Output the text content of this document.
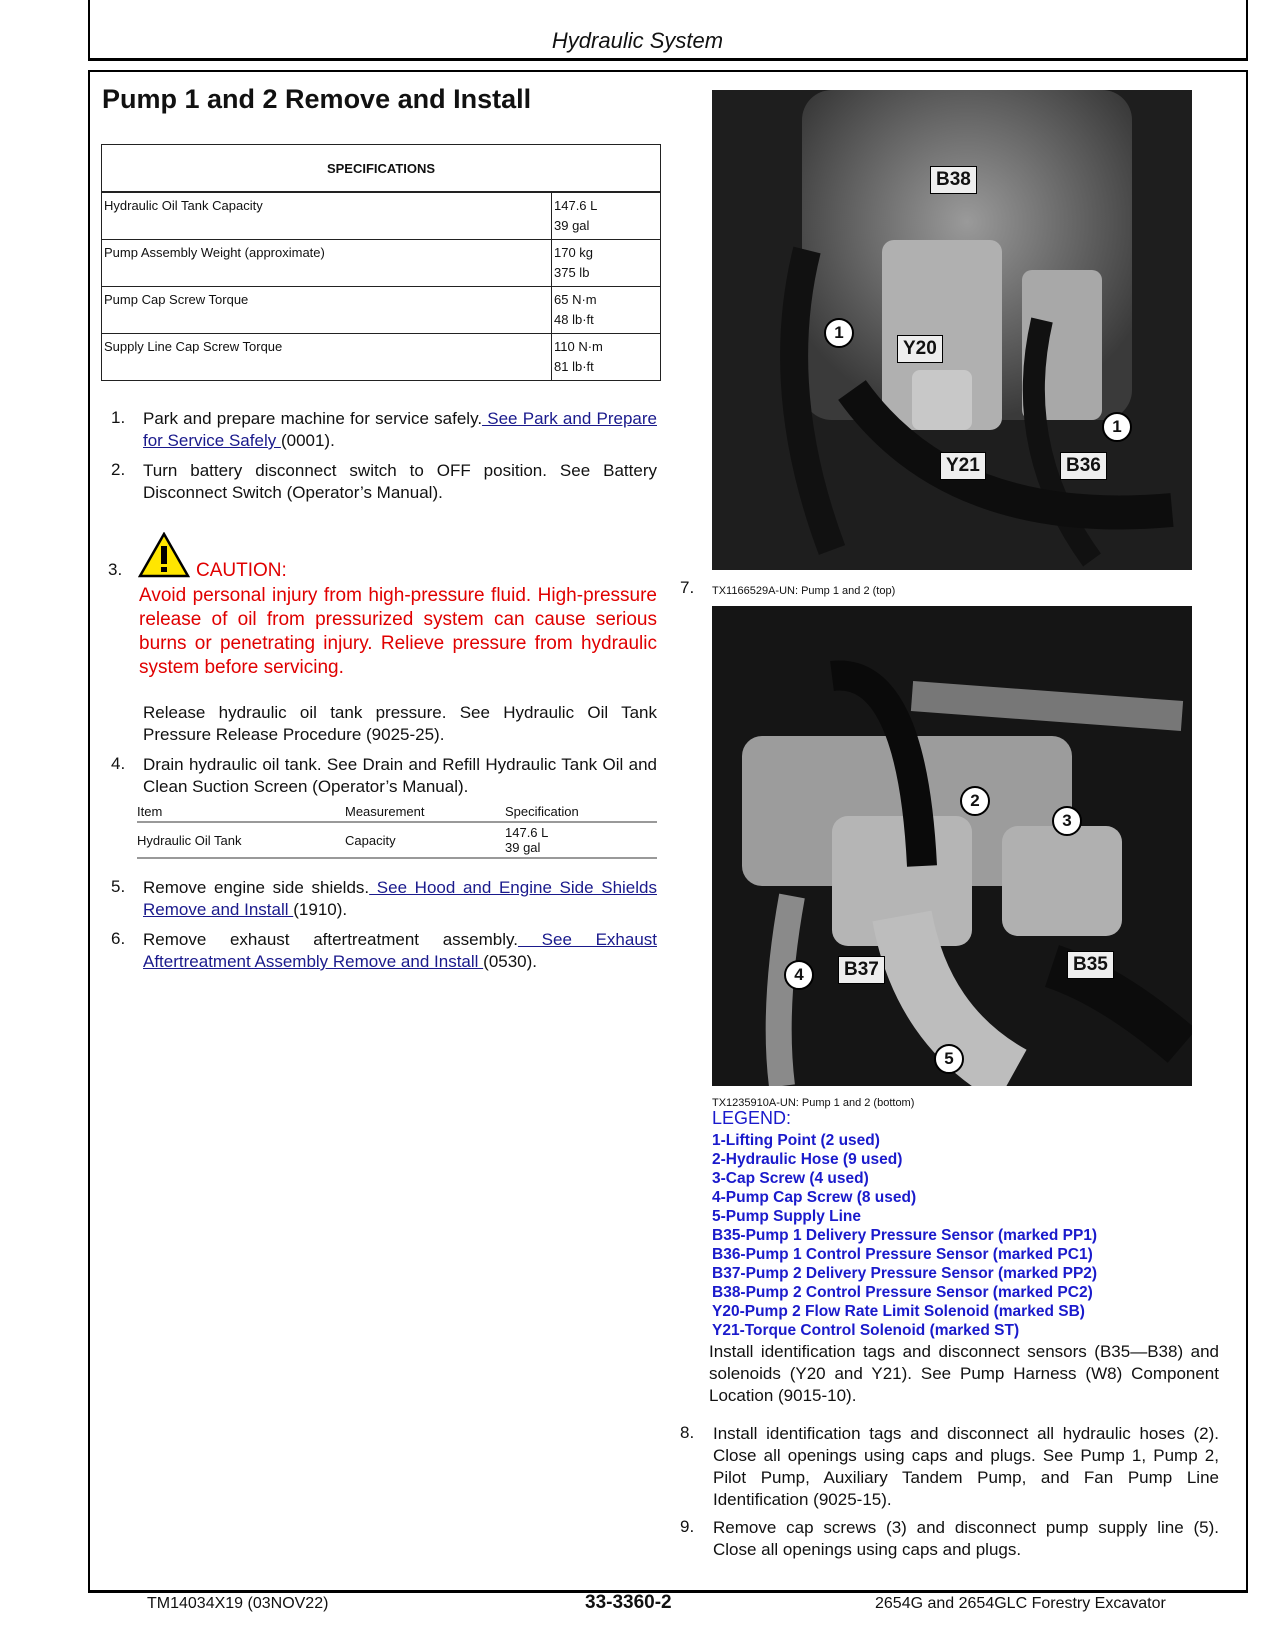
Hydraulic System
Pump 1 and 2 Remove and Install
SPECIFICATIONS	
Hydraulic Oil Tank Capacity	147.6 L
39 gal
Pump Assembly Weight (approximate)	170 kg
375 lb
Pump Cap Screw Torque	65 N·m
48 lb·ft
Supply Line Cap Screw Torque	110 N·m
81 lb·ft
1. Park and prepare machine for service safely. See Park and Prepare for Service Safely (0001).
2. Turn battery disconnect switch to OFF position. See Battery Disconnect Switch (Operator’s Manual).
3.	CAUTION:
Avoid personal injury from high-pressure fluid. High-pressure release of oil from pressurized system can cause serious burns or penetrating injury. Relieve pressure from hydraulic system before servicing.
Release hydraulic oil tank pressure. See Hydraulic Oil Tank Pressure Release Procedure (9025-25).
4. Drain hydraulic oil tank. See Drain and Refill Hydraulic Tank Oil and Clean Suction Screen (Operator’s Manual).
Item	Measurement	Specification
Hydraulic Oil Tank	Capacity	147.6 L
39 gal
5. Remove engine side shields. See Hood and Engine Side Shields Remove and Install (1910).
6. Remove exhaust aftertreatment assembly. See Exhaust Aftertreatment Assembly Remove and Install (0530).
B38
Y20
Y21	B36
1
1
7. TX1166529A-UN: Pump 1 and 2 (top)
B37	B35
2
3
4
5
TX1235910A-UN: Pump 1 and 2 (bottom)
LEGEND:
1-Lifting Point (2 used)
2-Hydraulic Hose (9 used)
3-Cap Screw (4 used)
4-Pump Cap Screw (8 used)
5-Pump Supply Line
B35-Pump 1 Delivery Pressure Sensor (marked PP1)
B36-Pump 1 Control Pressure Sensor (marked PC1)
B37-Pump 2 Delivery Pressure Sensor (marked PP2)
B38-Pump 2 Control Pressure Sensor (marked PC2)
Y20-Pump 2 Flow Rate Limit Solenoid (marked SB)
Y21-Torque Control Solenoid (marked ST)
Install identification tags and disconnect sensors (B35—B38) and solenoids (Y20 and Y21). See Pump Harness (W8) Component Location (9015-10).
8. Install identification tags and disconnect all hydraulic hoses (2). Close all openings using caps and plugs. See Pump 1, Pump 2, Pilot Pump, Auxiliary Tandem Pump, and Fan Pump Line Identification (9025-15).
9. Remove cap screws (3) and disconnect pump supply line (5). Close all openings using caps and plugs.
TM14034X19 (03NOV22)	33-3360-2	2654G and 2654GLC Forestry Excavator
